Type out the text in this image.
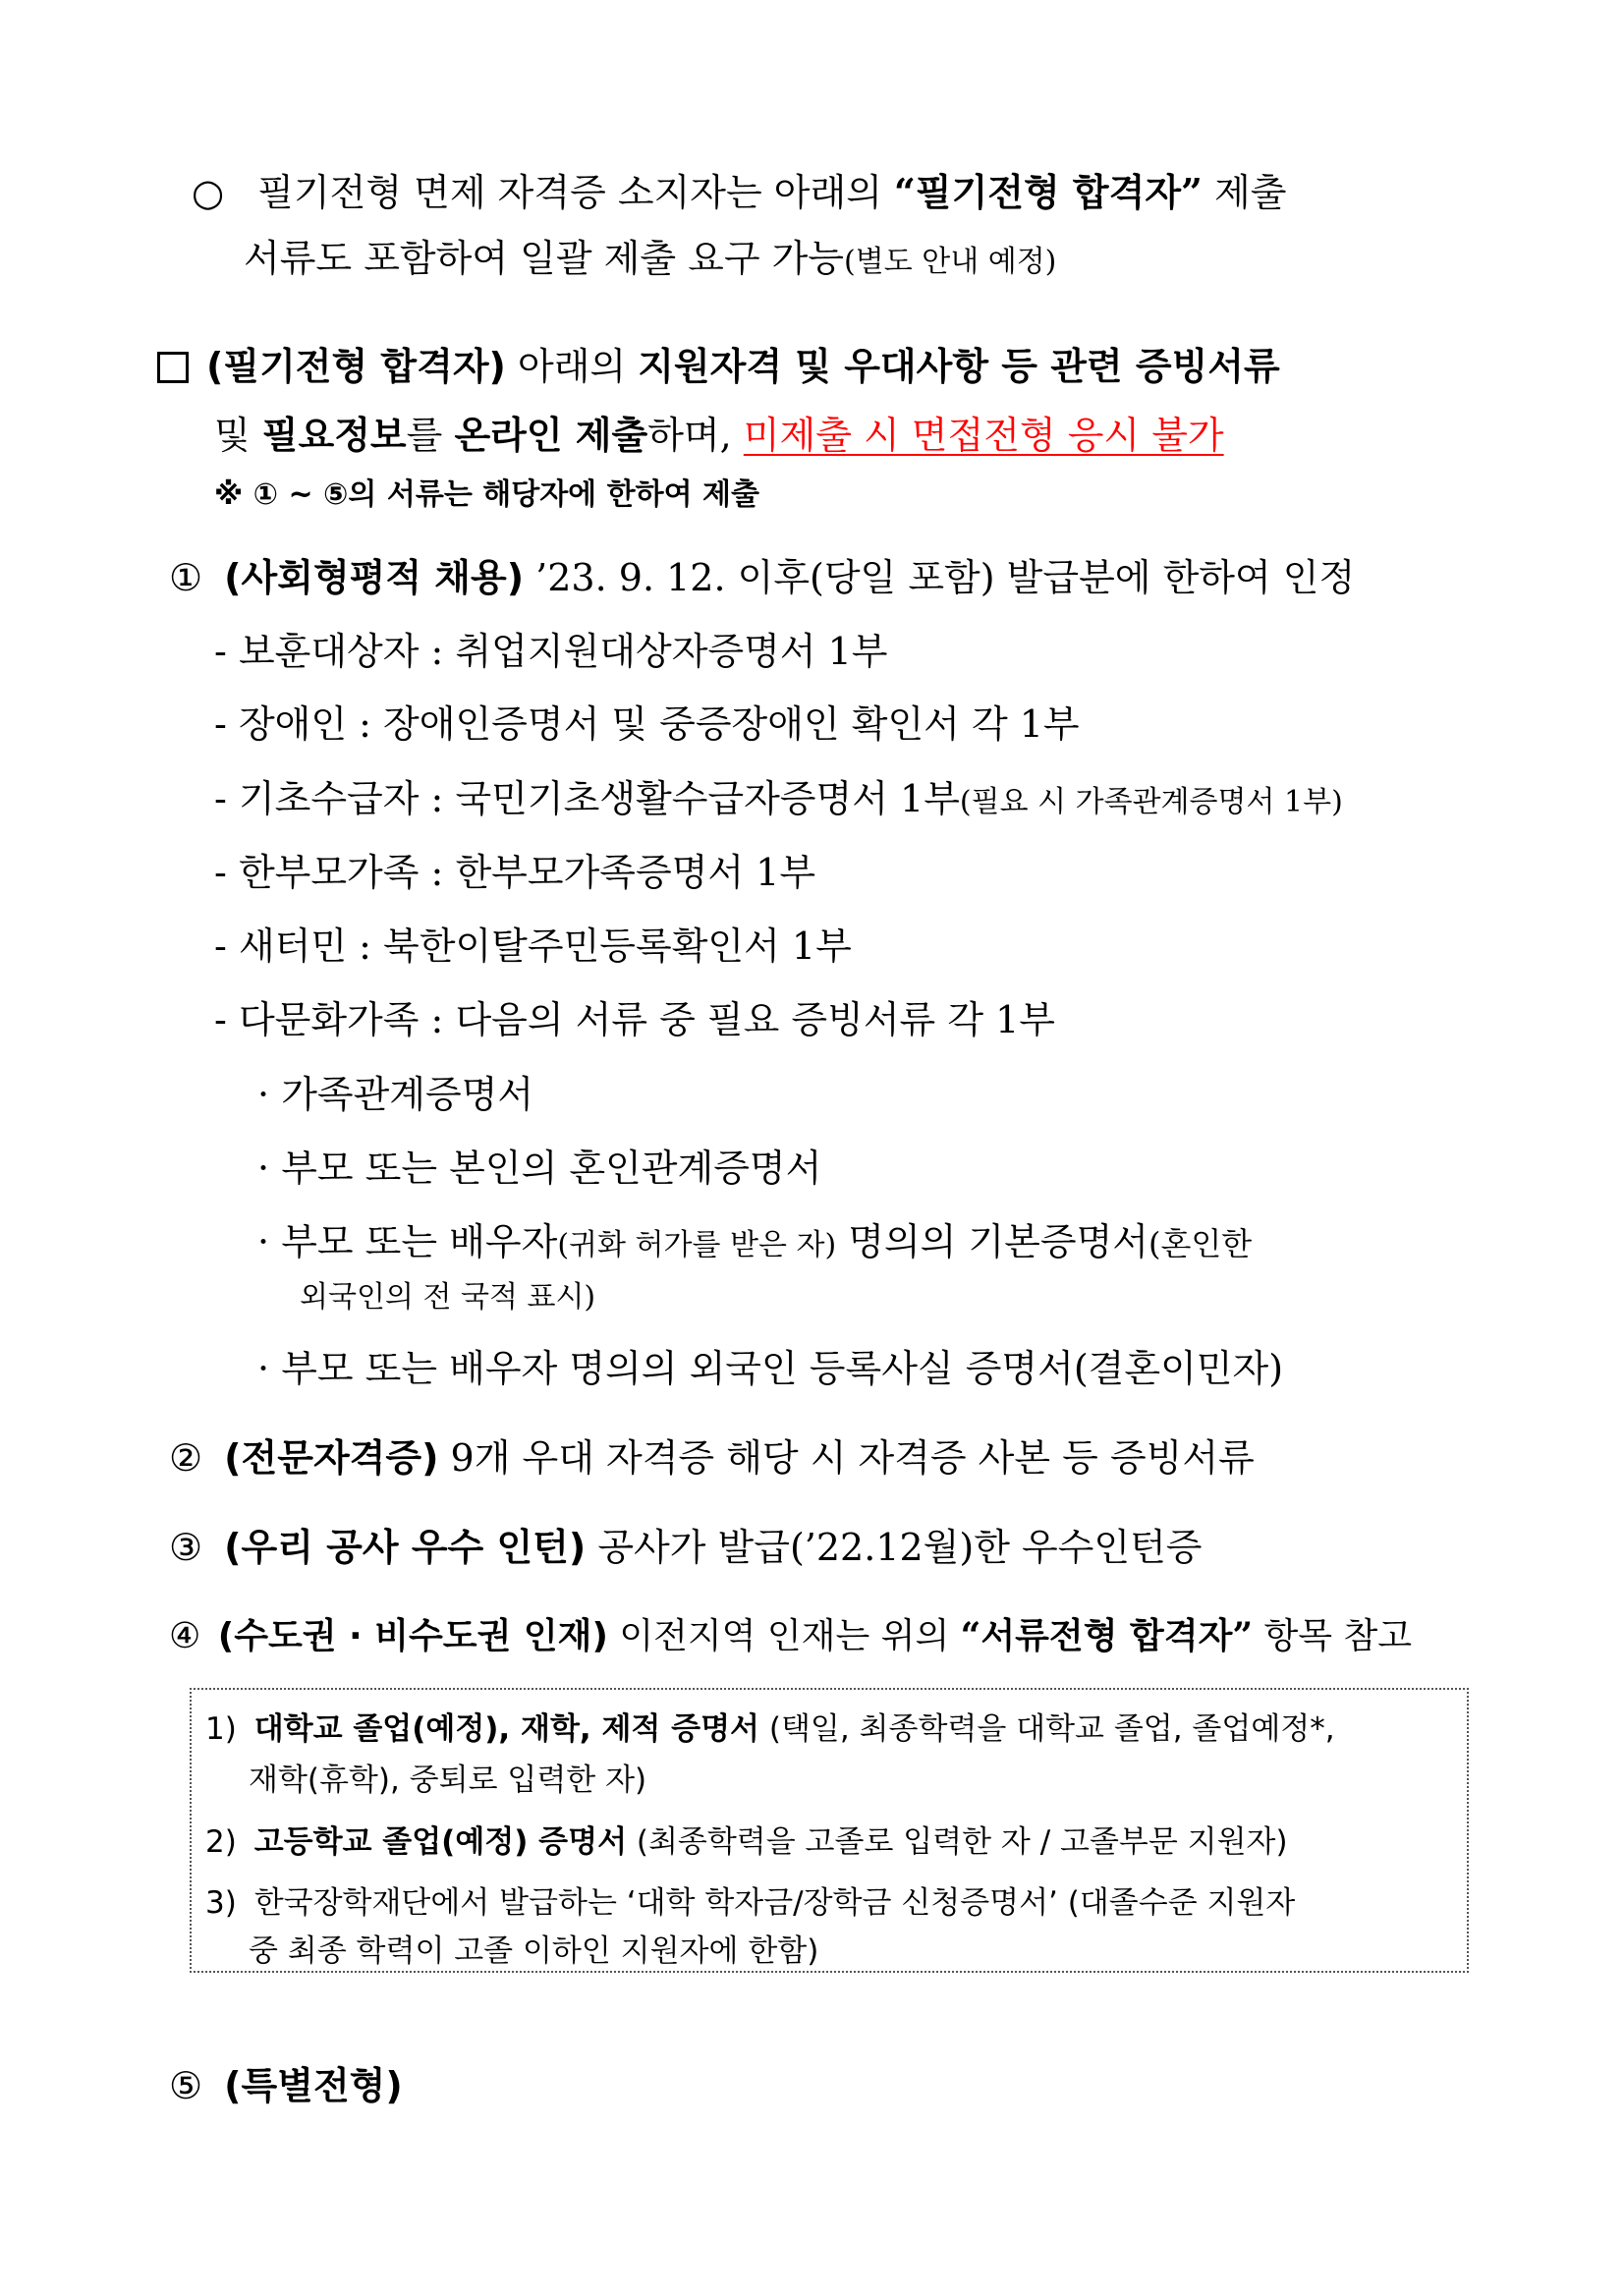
○ 필기전형 면제 자격증 소지자는 아래의 “필기전형 합격자” 제출
서류도 포함하여 일괄 제출 요구 가능(별도 안내 예정)
(필기전형 합격자) 아래의 지원자격 및 우대사항 등 관련 증빙서류
및 필요정보를 온라인 제출하며, 미제출 시 면접전형 응시 불가
※ ① ~ ⑤의 서류는 해당자에 한하여 제출
① (사회형평적 채용) ’23. 9. 12. 이후(당일 포함) 발급분에 한하여 인정
- 보훈대상자 : 취업지원대상자증명서 1부
- 장애인 : 장애인증명서 및 중증장애인 확인서 각 1부
- 기초수급자 : 국민기초생활수급자증명서 1부(필요 시 가족관계증명서 1부)
- 한부모가족 : 한부모가족증명서 1부
- 새터민 : 북한이탈주민등록확인서 1부
- 다문화가족 : 다음의 서류 중 필요 증빙서류 각 1부
· 가족관계증명서
· 부모 또는 본인의 혼인관계증명서
· 부모 또는 배우자(귀화 허가를 받은 자) 명의의 기본증명서(혼인한
외국인의 전 국적 표시)
· 부모 또는 배우자 명의의 외국인 등록사실 증명서(결혼이민자)
② (전문자격증) 9개 우대 자격증 해당 시 자격증 사본 등 증빙서류
③ (우리 공사 우수 인턴) 공사가 발급(’22.12월)한 우수인턴증
④ (수도권 · 비수도권 인재) 이전지역 인재는 위의 “서류전형 합격자” 항목 참고
1) 대학교 졸업(예정), 재학, 제적 증명서 (택일, 최종학력을 대학교 졸업, 졸업예정*,
재학(휴학), 중퇴로 입력한 자)
2) 고등학교 졸업(예정) 증명서 (최종학력을 고졸로 입력한 자 / 고졸부문 지원자)
3) 한국장학재단에서 발급하는 ‘대학 학자금/장학금 신청증명서’ (대졸수준 지원자
중 최종 학력이 고졸 이하인 지원자에 한함)
⑤ (특별전형)
